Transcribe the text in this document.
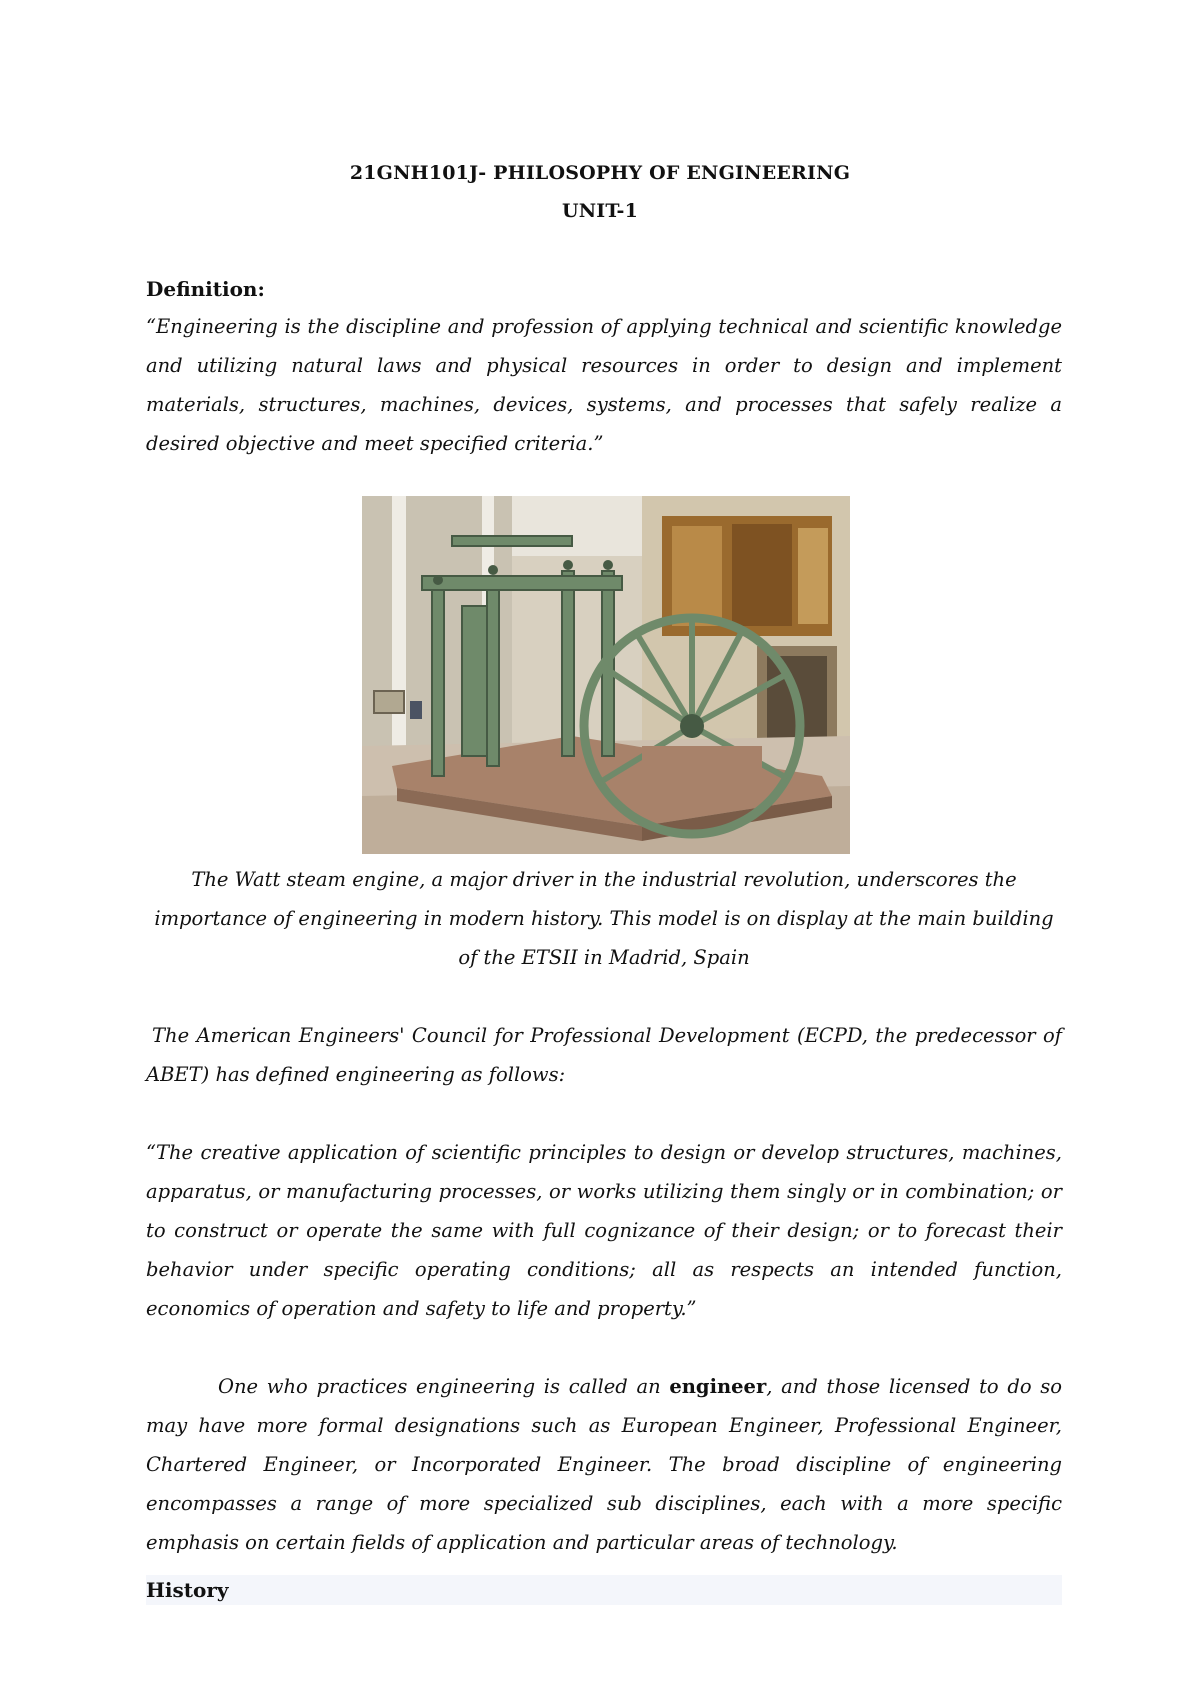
21GNH101J- PHILOSOPHY OF ENGINEERING
UNIT-1
Definition:
“Engineering is the discipline and profession of applying technical and scientific knowledge and utilizing natural laws and physical resources in order to design and implement materials, structures, machines, devices, systems, and processes that safely realize a desired objective and meet specified criteria.”
The Watt steam engine, a major driver in the industrial revolution, underscores the
importance of engineering in modern history. This model is on display at the main building
of the ETSII in Madrid, Spain
The American Engineers' Council for Professional Development (ECPD, the predecessor of ABET) has defined engineering as follows:
“The creative application of scientific principles to design or develop structures, machines, apparatus, or manufacturing processes, or works utilizing them singly or in combination; or to construct or operate the same with full cognizance of their design; or to forecast their behavior under specific operating conditions; all as respects an intended function, economics of operation and safety to life and property.”
One who practices engineering is called an engineer, and those licensed to do so may have more formal designations such as European Engineer, Professional Engineer, Chartered Engineer, or Incorporated Engineer. The broad discipline of engineering encompasses a range of more specialized sub disciplines, each with a more specific emphasis on certain fields of application and particular areas of technology.
History
